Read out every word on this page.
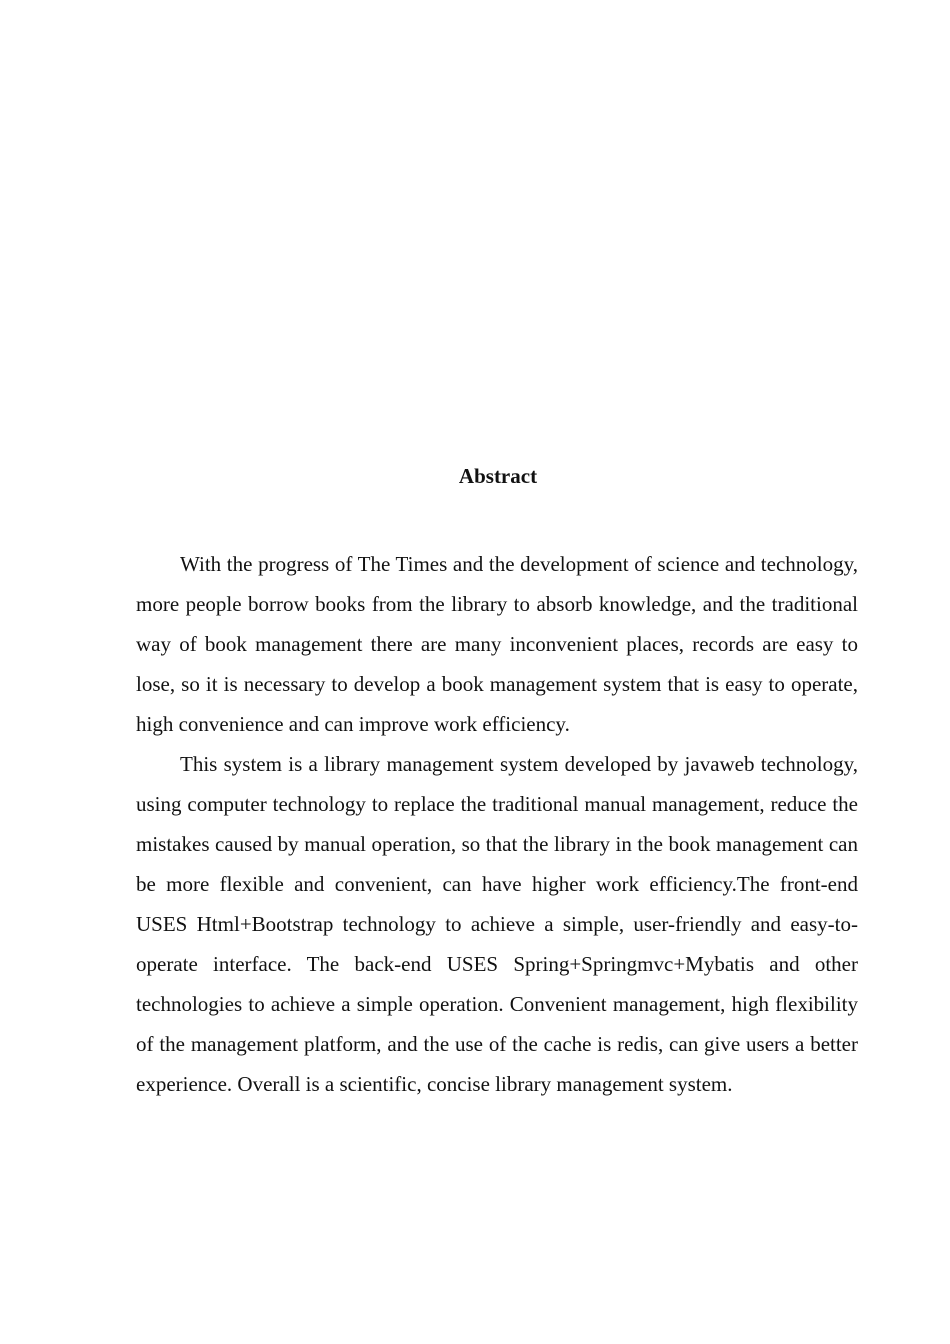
Abstract

With the progress of The Times and the development of science and technology, more people borrow books from the library to absorb knowledge, and the traditional way of book management there are many inconvenient places, records are easy to lose, so it is necessary to develop a book management system that is easy to operate, high convenience and can improve work efficiency.

This system is a library management system developed by javaweb technology, using computer technology to replace the traditional manual management, reduce the mistakes caused by manual operation, so that the library in the book management can be more flexible and convenient, can have higher work efficiency.The front-end USES Html+Bootstrap technology to achieve a simple, user-friendly and easy-to-operate interface. The back-end USES Spring+Springmvc+Mybatis and other technologies to achieve a simple operation. Convenient management, high flexibility of the management platform, and the use of the cache is redis, can give users a better experience. Overall is a scientific, concise library management system.
